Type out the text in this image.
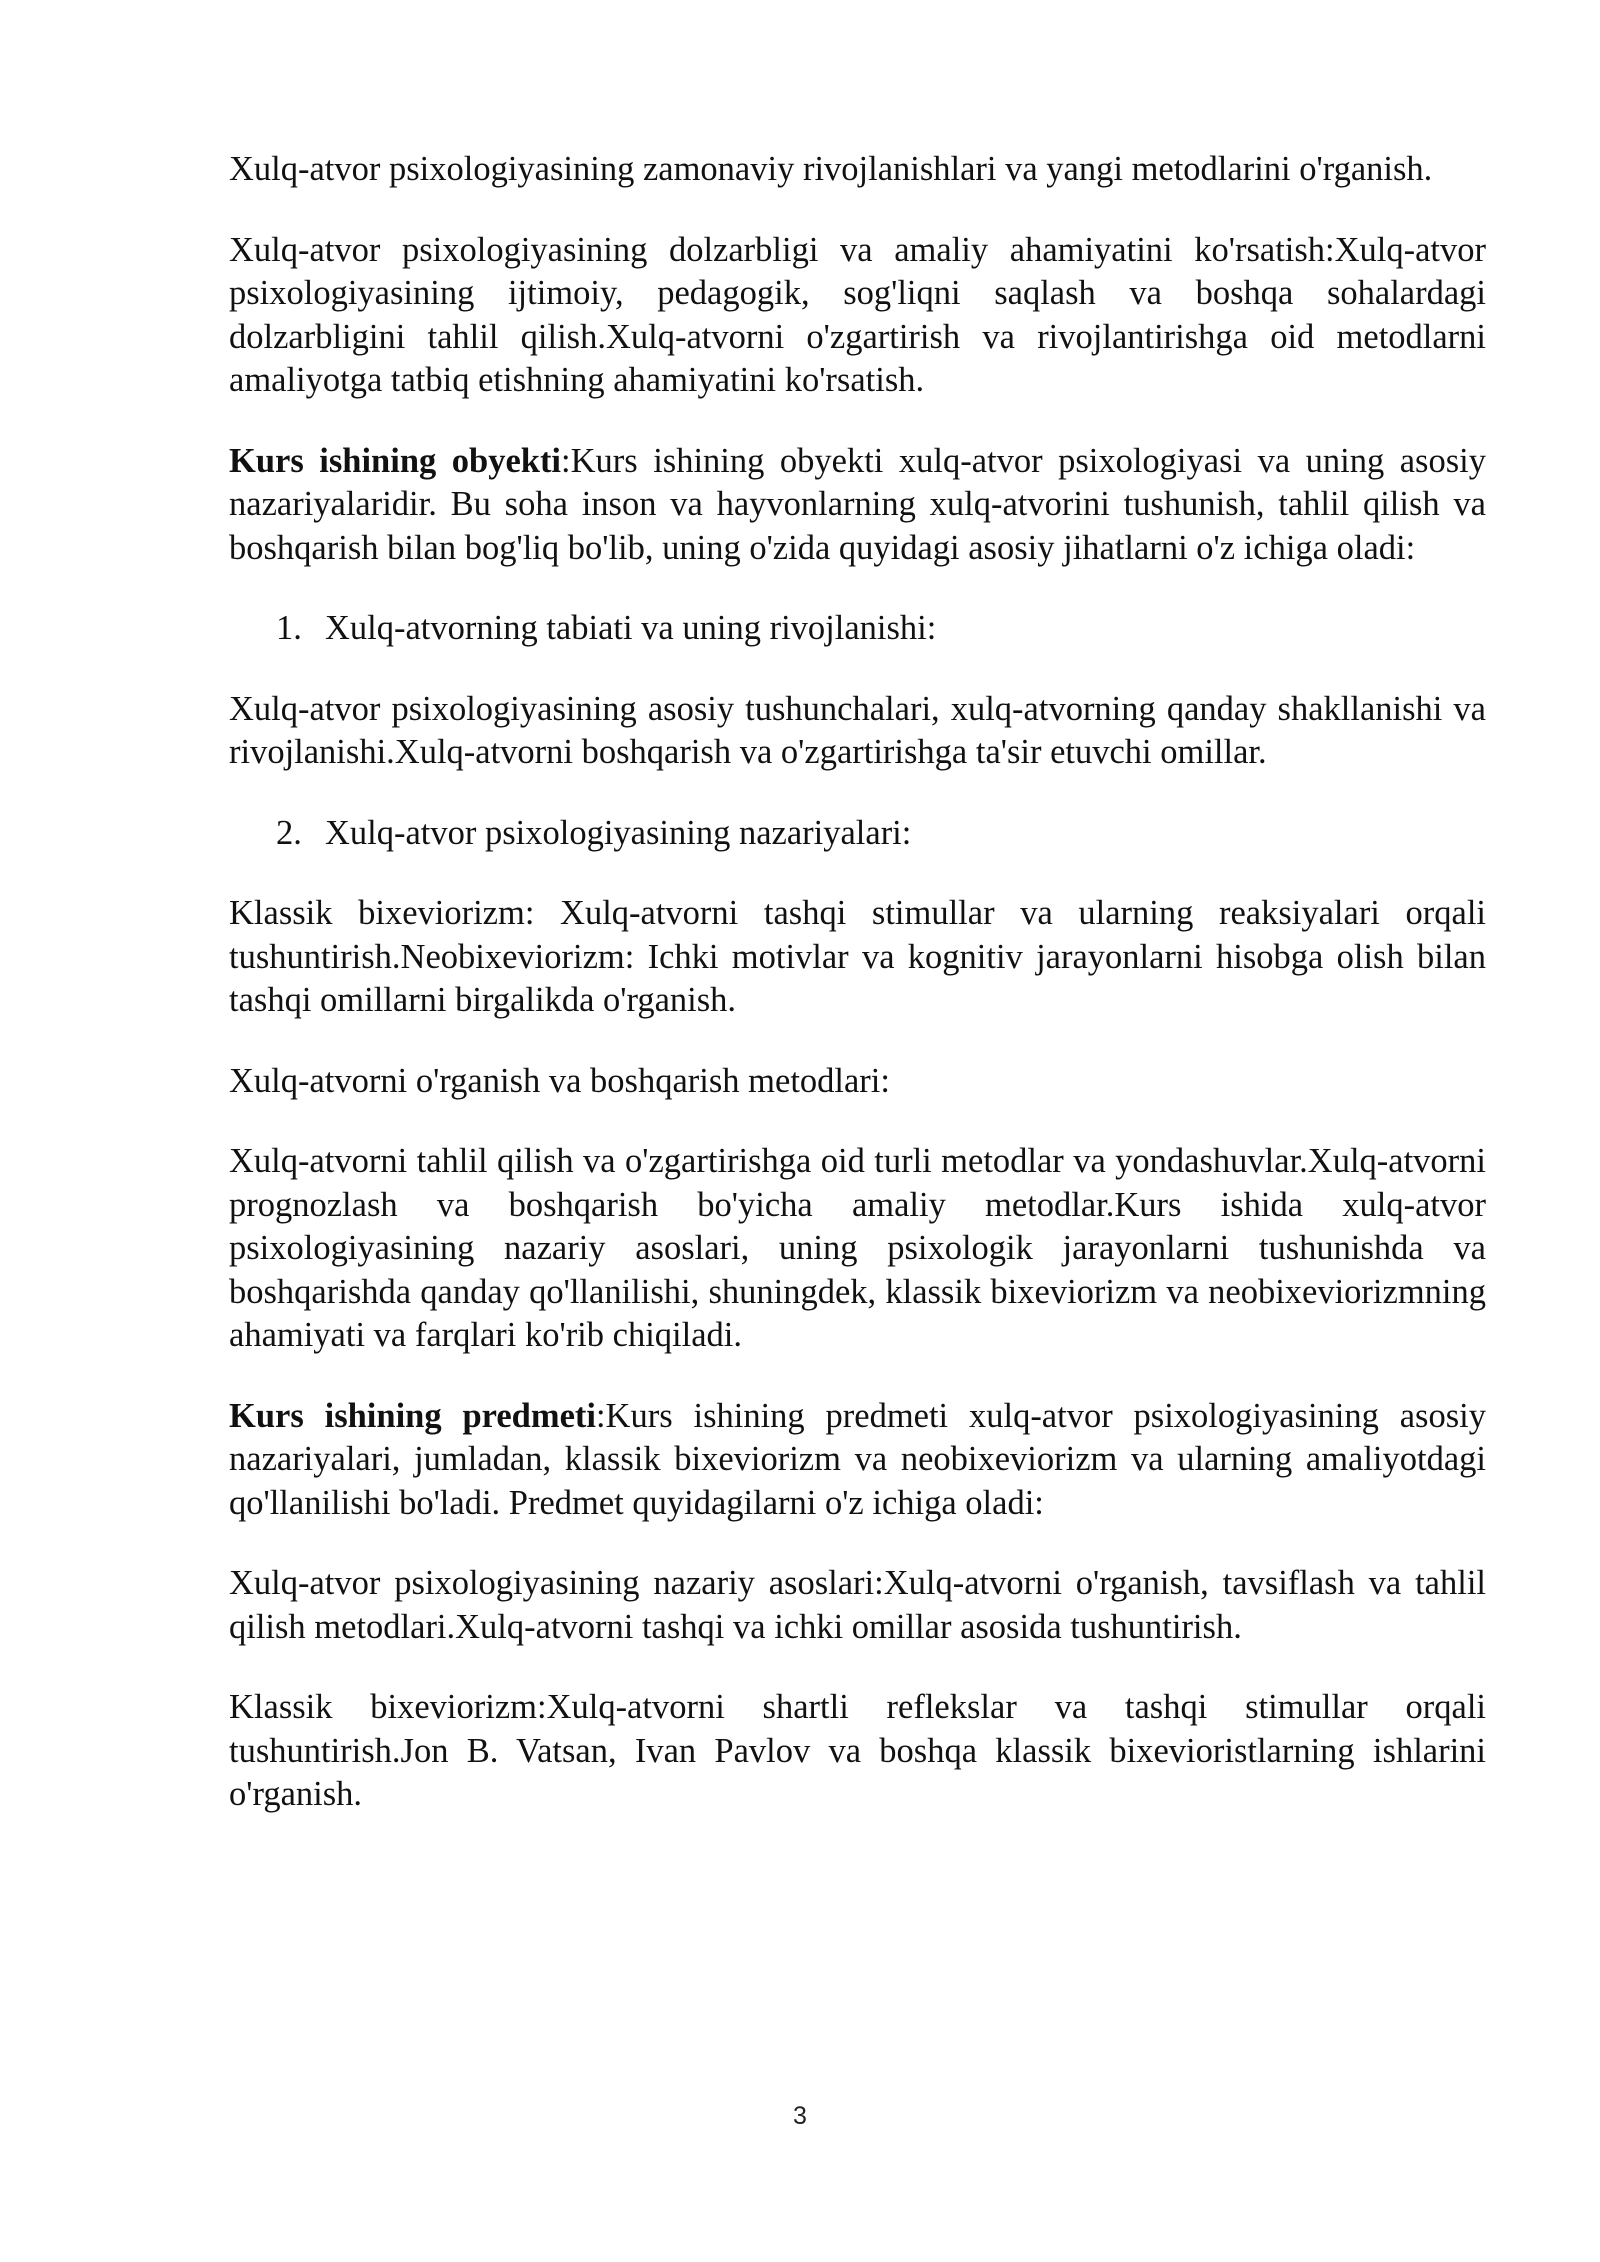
Xulq-atvor psixologiyasining zamonaviy rivojlanishlari va yangi metodlarini o'rganish.

Xulq-atvor psixologiyasining dolzarbligi va amaliy ahamiyatini ko'rsatish:Xulq-atvor psixologiyasining ijtimoiy, pedagogik, sog'liqni saqlash va boshqa sohalardagi dolzarbligini tahlil qilish.Xulq-atvorni o'zgartirish va rivojlantirishga oid metodlarni amaliyotga tatbiq etishning ahamiyatini ko'rsatish.

Kurs ishining obyekti:Kurs ishining obyekti xulq-atvor psixologiyasi va uning asosiy nazariyalaridir. Bu soha inson va hayvonlarning xulq-atvorini tushunish, tahlil qilish va boshqarish bilan bog'liq bo'lib, uning o'zida quyidagi asosiy jihatlarni o'z ichiga oladi:

1. Xulq-atvorning tabiati va uning rivojlanishi:

Xulq-atvor psixologiyasining asosiy tushunchalari, xulq-atvorning qanday shakllanishi va rivojlanishi.Xulq-atvorni boshqarish va o'zgartirishga ta'sir etuvchi omillar.

2. Xulq-atvor psixologiyasining nazariyalari:

Klassik bixeviorizm: Xulq-atvorni tashqi stimullar va ularning reaksiyalari orqali tushuntirish.Neobixeviorizm: Ichki motivlar va kognitiv jarayonlarni hisobga olish bilan tashqi omillarni birgalikda o'rganish.

Xulq-atvorni o'rganish va boshqarish metodlari:

Xulq-atvorni tahlil qilish va o'zgartirishga oid turli metodlar va yondashuvlar.Xulq-atvorni prognozlash va boshqarish bo'yicha amaliy metodlar.Kurs ishida xulq-atvor psixologiyasining nazariy asoslari, uning psixologik jarayonlarni tushunishda va boshqarishda qanday qo'llanilishi, shuningdek, klassik bixeviorizm va neobixeviorizmning ahamiyati va farqlari ko'rib chiqiladi.

Kurs ishining predmeti:Kurs ishining predmeti xulq-atvor psixologiyasining asosiy nazariyalari, jumladan, klassik bixeviorizm va neobixeviorizm va ularning amaliyotdagi qo'llanilishi bo'ladi. Predmet quyidagilarni o'z ichiga oladi:

Xulq-atvor psixologiyasining nazariy asoslari:Xulq-atvorni o'rganish, tavsiflash va tahlil qilish metodlari.Xulq-atvorni tashqi va ichki omillar asosida tushuntirish.

Klassik bixeviorizm:Xulq-atvorni shartli reflekslar va tashqi stimullar orqali tushuntirish.Jon B. Vatsan, Ivan Pavlov va boshqa klassik bixevioristlarning ishlarini o'rganish.

3
